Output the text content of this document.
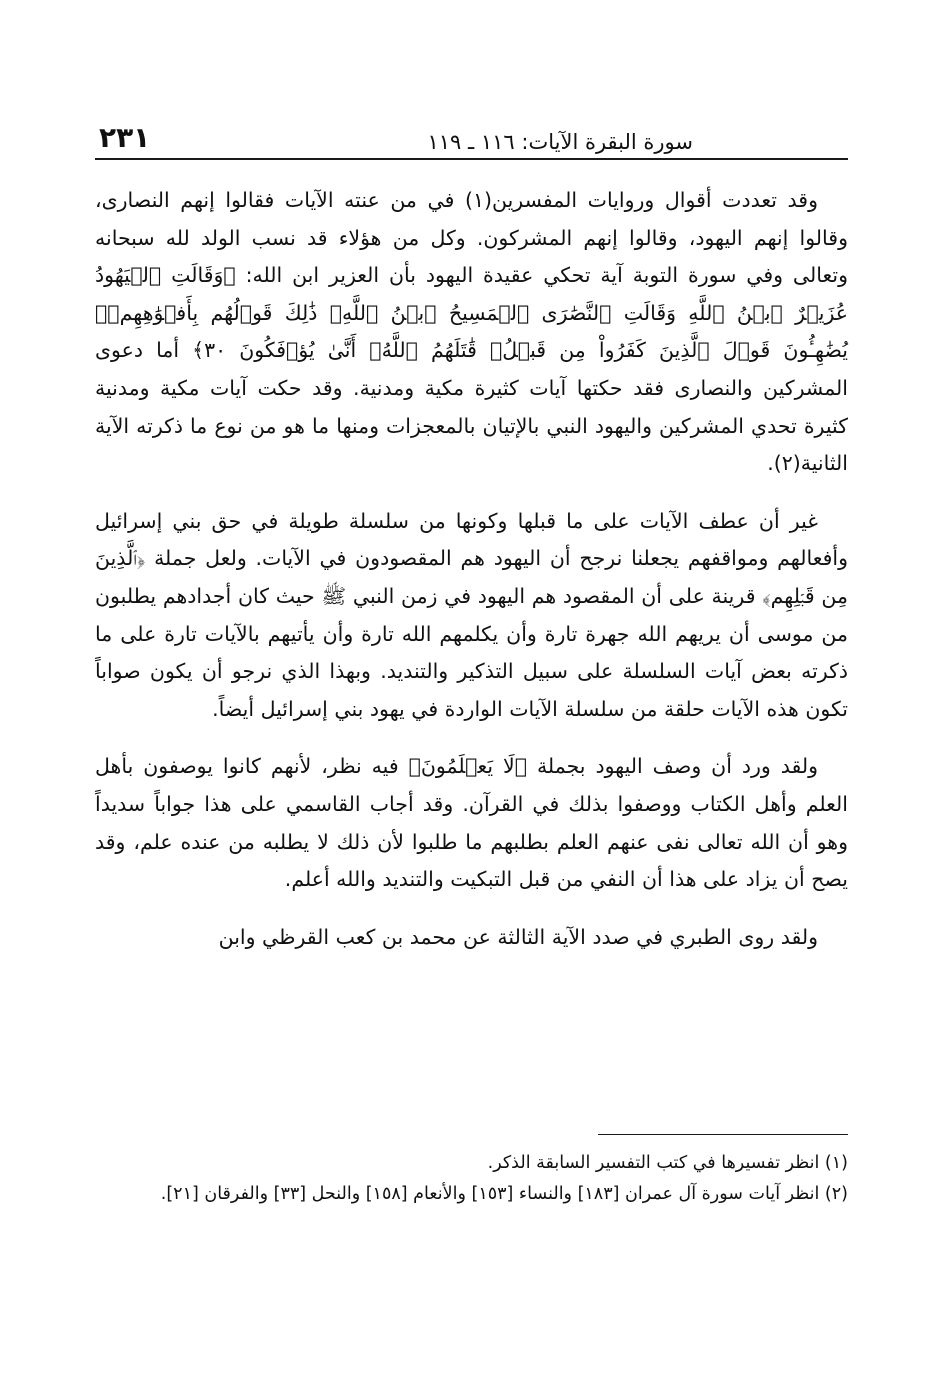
سورة البقرة الآيات: ١١٦ ـ ١١٩
٢٣١

وقد تعددت أقوال وروايات المفسرين(١) في من عنته الآيات فقالوا إنهم النصارى، وقالوا إنهم اليهود، وقالوا إنهم المشركون. وكل من هؤلاء قد نسب الولد لله سبحانه وتعالى وفي سورة التوبة آية تحكي عقيدة اليهود بأن العزير ابن الله: ﴿وَقَالَتِ ٱلۡيَهُودُ عُزَيۡرٌ ٱبۡنُ ٱللَّهِ وَقَالَتِ ٱلنَّصَٰرَى ٱلۡمَسِيحُ ٱبۡنُ ٱللَّهِۖ ذَٰلِكَ قَوۡلُهُم بِأَفۡوَٰهِهِمۡۖ يُضَٰهِـُٔونَ قَوۡلَ ٱلَّذِينَ كَفَرُواْ مِن قَبۡلُۚ قَٰتَلَهُمُ ٱللَّهُۖ أَنَّىٰ يُؤۡفَكُونَ ٣٠﴾ أما دعوى المشركين والنصارى فقد حكتها آيات كثيرة مكية ومدنية. وقد حكت آيات مكية ومدنية كثيرة تحدي المشركين واليهود النبي بالإتيان بالمعجزات ومنها ما هو من نوع ما ذكرته الآية الثانية(٢).

غير أن عطف الآيات على ما قبلها وكونها من سلسلة طويلة في حق بني إسرائيل وأفعالهم ومواقفهم يجعلنا نرجح أن اليهود هم المقصودون في الآيات. ولعل جملة ﴿ٱلَّذِينَ مِن قَبۡلِهِم﴾ قرينة على أن المقصود هم اليهود في زمن النبي ﷺ حيث كان أجدادهم يطلبون من موسى أن يريهم الله جهرة تارة وأن يكلمهم الله تارة وأن يأتيهم بالآيات تارة على ما ذكرته بعض آيات السلسلة على سبيل التذكير والتنديد. وبهذا الذي نرجو أن يكون صواباً تكون هذه الآيات حلقة من سلسلة الآيات الواردة في يهود بني إسرائيل أيضاً.

ولقد ورد أن وصف اليهود بجملة ﴿لَا يَعۡلَمُونَ﴾ فيه نظر، لأنهم كانوا يوصفون بأهل العلم وأهل الكتاب ووصفوا بذلك في القرآن. وقد أجاب القاسمي على هذا جواباً سديداً وهو أن الله تعالى نفى عنهم العلم بطلبهم ما طلبوا لأن ذلك لا يطلبه من عنده علم، وقد يصح أن يزاد على هذا أن النفي من قبل التبكيت والتنديد والله أعلم.

ولقد روى الطبري في صدد الآية الثالثة عن محمد بن كعب القرظي وابن

(١) انظر تفسيرها في كتب التفسير السابقة الذكر.

(٢) انظر آيات سورة آل عمران [١٨٣] والنساء [١٥٣] والأنعام [١٥٨] والنحل [٣٣] والفرقان [٢١].
